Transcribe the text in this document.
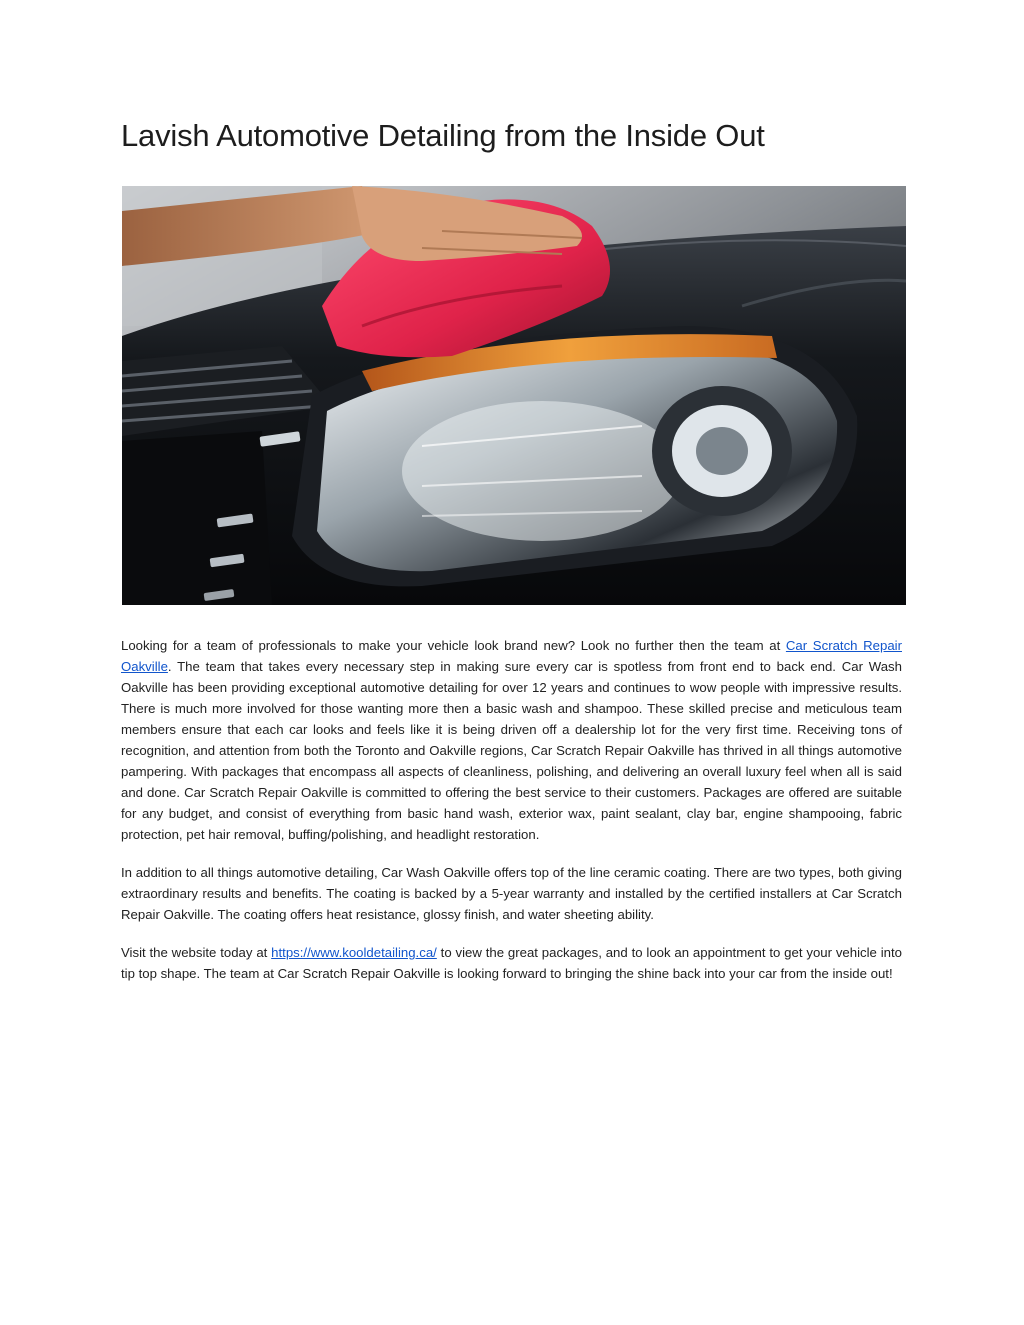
Lavish Automotive Detailing from the Inside Out

Looking for a team of professionals to make your vehicle look brand new? Look no further then the team at Car Scratch Repair Oakville. The team that takes every necessary step in making sure every car is spotless from front end to back end. Car Wash Oakville has been providing exceptional automotive detailing for over 12 years and continues to wow people with impressive results. There is much more involved for those wanting more then a basic wash and shampoo. These skilled precise and meticulous team members ensure that each car looks and feels like it is being driven off a dealership lot for the very first time. Receiving tons of recognition, and attention from both the Toronto and Oakville regions, Car Scratch Repair Oakville has thrived in all things automotive pampering. With packages that encompass all aspects of cleanliness, polishing, and delivering an overall luxury feel when all is said and done. Car Scratch Repair Oakville is committed to offering the best service to their customers. Packages are offered are suitable for any budget, and consist of everything from basic hand wash, exterior wax, paint sealant, clay bar, engine shampooing, fabric protection, pet hair removal, buffing/polishing, and headlight restoration.

In addition to all things automotive detailing, Car Wash Oakville offers top of the line ceramic coating. There are two types, both giving extraordinary results and benefits. The coating is backed by a 5-year warranty and installed by the certified installers at Car Scratch Repair Oakville. The coating offers heat resistance, glossy finish, and water sheeting ability.

Visit the website today at https://www.kooldetailing.ca/ to view the great packages, and to look an appointment to get your vehicle into tip top shape. The team at Car Scratch Repair Oakville is looking forward to bringing the shine back into your car from the inside out!
